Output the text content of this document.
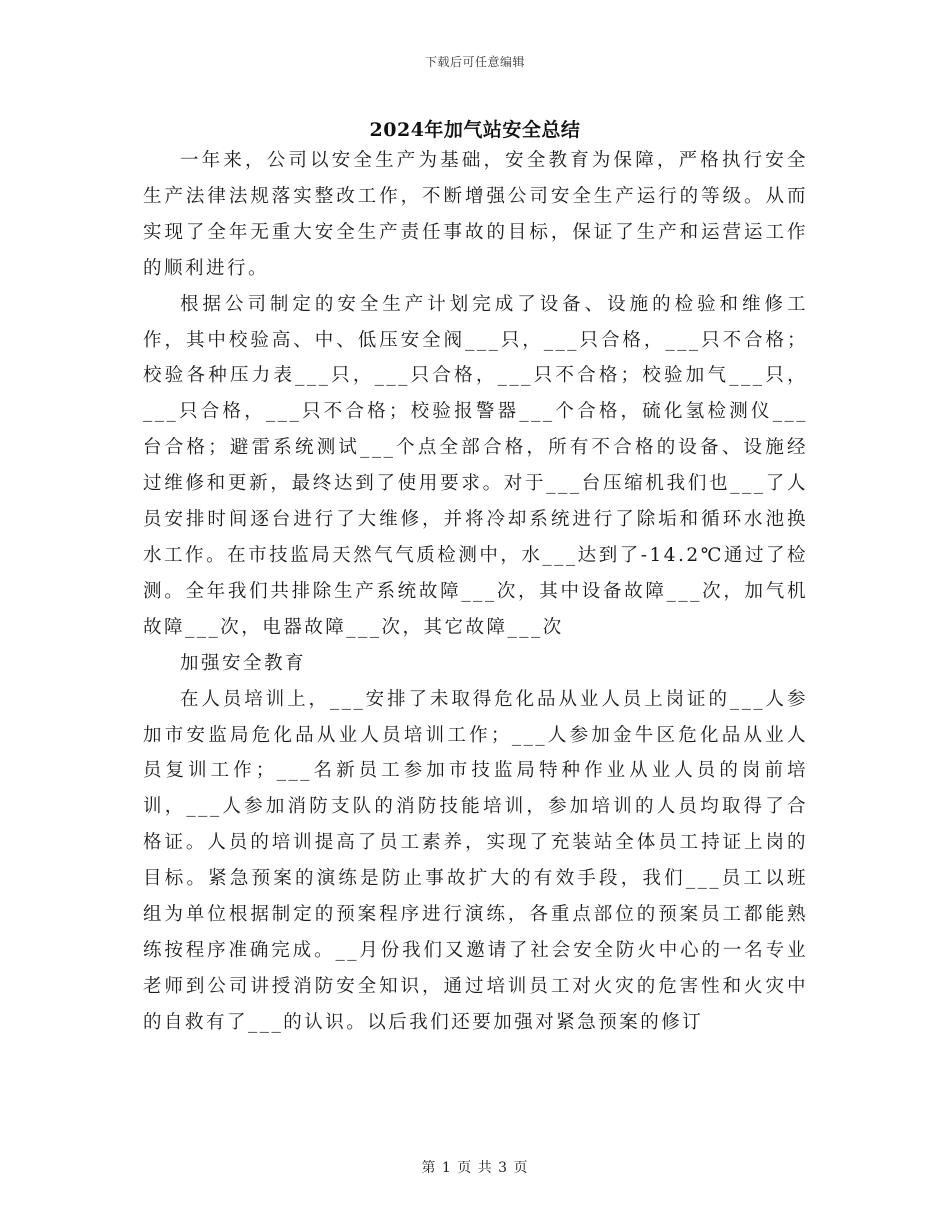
下载后可任意编辑
2024年加气站安全总结

一年来，公司以安全生产为基础，安全教育为保障，严格执行安全生产法律法规落实整改工作，不断增强公司安全生产运行的等级。从而实现了全年无重大安全生产责任事故的目标，保证了生产和运营运工作的顺利进行。

根据公司制定的安全生产计划完成了设备、设施的检验和维修工作，其中校验高、中、低压安全阀___只，___只合格，___只不合格；校验各种压力表___只，___只合格，___只不合格；校验加气___只，___只合格，___只不合格；校验报警器___个合格，硫化氢检测仪___台合格；避雷系统测试___个点全部合格，所有不合格的设备、设施经过维修和更新，最终达到了使用要求。对于___台压缩机我们也___了人员安排时间逐台进行了大维修，并将冷却系统进行了除垢和循环水池换水工作。在市技监局天然气气质检测中，水___达到了-14.2℃通过了检测。全年我们共排除生产系统故障___次，其中设备故障___次，加气机故障___次，电器故障___次，其它故障___次

加强安全教育

在人员培训上，___安排了未取得危化品从业人员上岗证的___人参加市安监局危化品从业人员培训工作；___人参加金牛区危化品从业人员复训工作；___名新员工参加市技监局特种作业从业人员的岗前培训，___人参加消防支队的消防技能培训，参加培训的人员均取得了合格证。人员的培训提高了员工素养，实现了充装站全体员工持证上岗的目标。紧急预案的演练是防止事故扩大的有效手段，我们___员工以班组为单位根据制定的预案程序进行演练，各重点部位的预案员工都能熟练按程序准确完成。__月份我们又邀请了社会安全防火中心的一名专业老师到公司讲授消防安全知识，通过培训员工对火灾的危害性和火灾中的自救有了___的认识。以后我们还要加强对紧急预案的修订

第 1 页 共 3 页
